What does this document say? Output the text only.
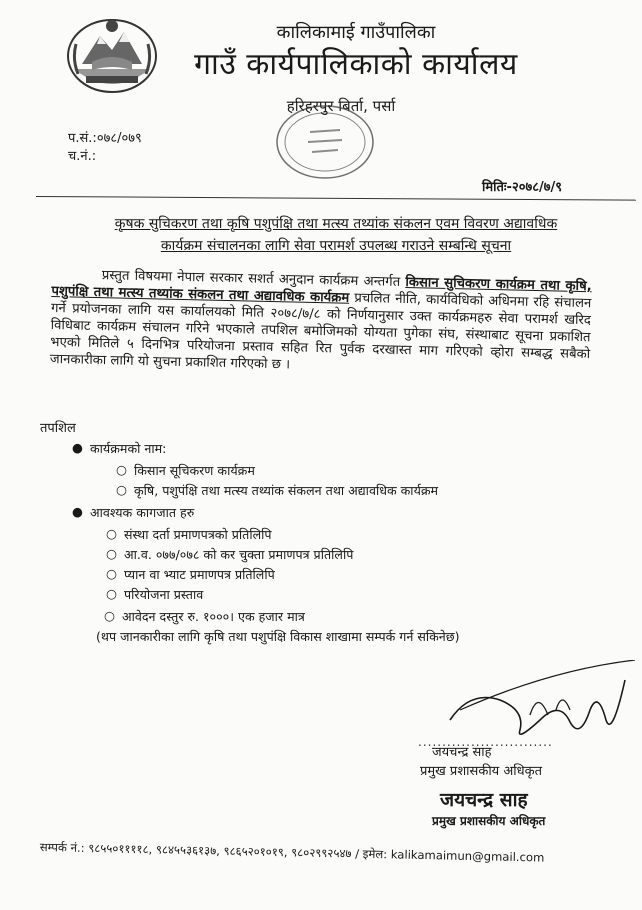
कालिकामाई गाउँपालिका
गाउँ कार्यपालिकाको कार्यालय
हरिहरपुर बिर्ता, पर्सा
प.सं.:०७८/०७९
च.नं.:
मितिः-२०७८/७/९
कृषक सुचिकरण तथा कृषि पशुपंक्षि तथा मत्स्य तथ्यांक संकलन एवम विवरण अद्यावधिक
कार्यक्रम संचालनका लागि सेवा परामर्श उपलब्ध गराउने सम्बन्धि सूचना
प्रस्तुत विषयमा नेपाल सरकार सशर्त अनुदान कार्यक्रम अन्तर्गत किसान सुचिकरण कार्यक्रम तथा कृषि, पशुपंक्षि तथा मत्स्य तथ्यांक संकलन तथा अद्यावधिक कार्यक्रम प्रचलित नीति, कार्यविधिको अधिनमा रहि संचालन गर्ने प्रयोजनका लागि यस कार्यालयको मिति २०७८/७/८ को निर्णयानुसार उक्त कार्यक्रमहरु सेवा परामर्श खरिद विधिबाट कार्यक्रम संचालन गरिने भएकाले तपशिल बमोजिमको योग्यता पुगेका संघ, संस्थाबाट सूचना प्रकाशित भएको मितिले ५ दिनभित्र परियोजना प्रस्ताव सहित रित पुर्वक दरखास्त माग गरिएको व्होरा सम्बद्ध सबैको जानकारीका लागि यो सुचना प्रकाशित गरिएको छ ।
तपशिल
● कार्यक्रमको नाम:
○ किसान सूचिकरण कार्यक्रम
○ कृषि, पशुपंक्षि तथा मत्स्य तथ्यांक संकलन तथा अद्यावधिक कार्यक्रम
● आवश्यक कागजात हरु
○ संस्था दर्ता प्रमाणपत्रको प्रतिलिपि
○ आ.व. ०७७/०७८ को कर चुक्ता प्रमाणपत्र प्रतिलिपि
○ प्यान वा भ्याट प्रमाणपत्र प्रतिलिपि
○ परियोजना प्रस्ताव
○ आवेदन दस्तुर रु. १०००। एक हजार मात्र
(थप जानकारीका लागि कृषि तथा पशुपंक्षि विकास शाखामा सम्पर्क गर्न सकिनेछ)
............................
जयचन्द्र साह
प्रमुख प्रशासकीय अधिकृत
जयचन्द्र साह
प्रमुख प्रशासकीय अधिकृत
सम्पर्क नं.: ९८५५०११११८, ९८४५५३६१३७, ९८६५२०१०१९, ९८०२९९२५४७ / इमेल: kalikamaimun@gmail.com
